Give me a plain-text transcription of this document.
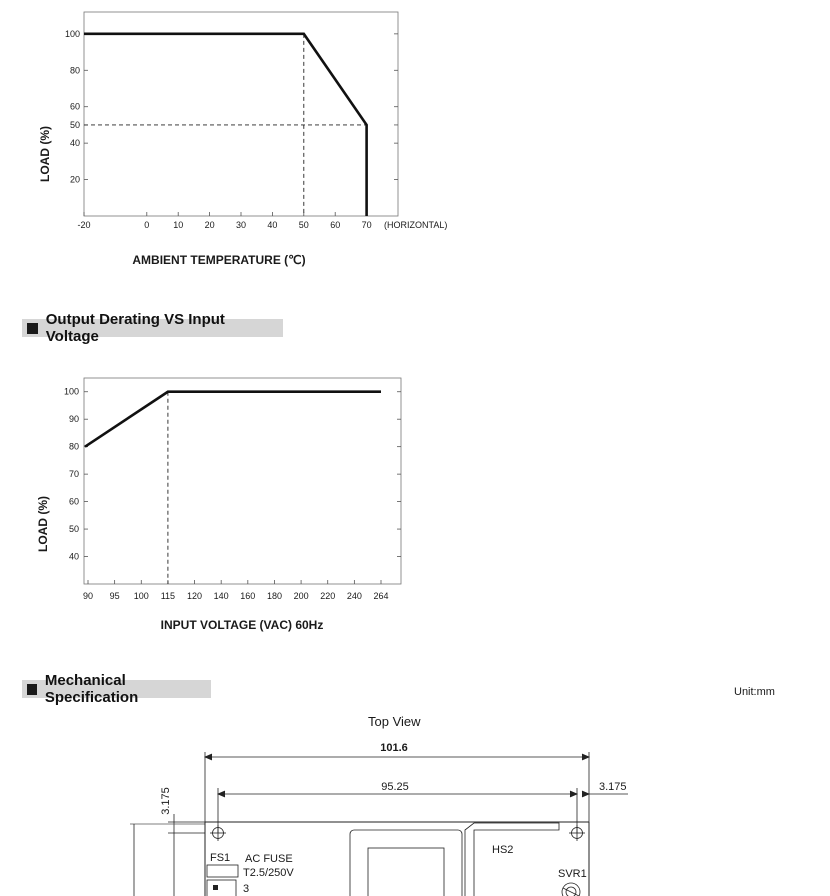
100
80
60
50
40
20
-20	0	10 20 30 40 50 60 70 (HORIZONTAL)
AMBIENT TEMPERATURE (℃)
LOAD (%)
Output Derating VS Input Voltage
100
90
80
70
60
50
40
90 95 100 115 120 140 160 180 200 220 240 264
INPUT VOLTAGE (VAC) 60Hz
LOAD (%)
Mechanical Specification	Unit:mm
Top View
101.6
95.25	3.175
3.175
FS1 AC FUSE
T2.5/250V
3
HS2
SVR1
